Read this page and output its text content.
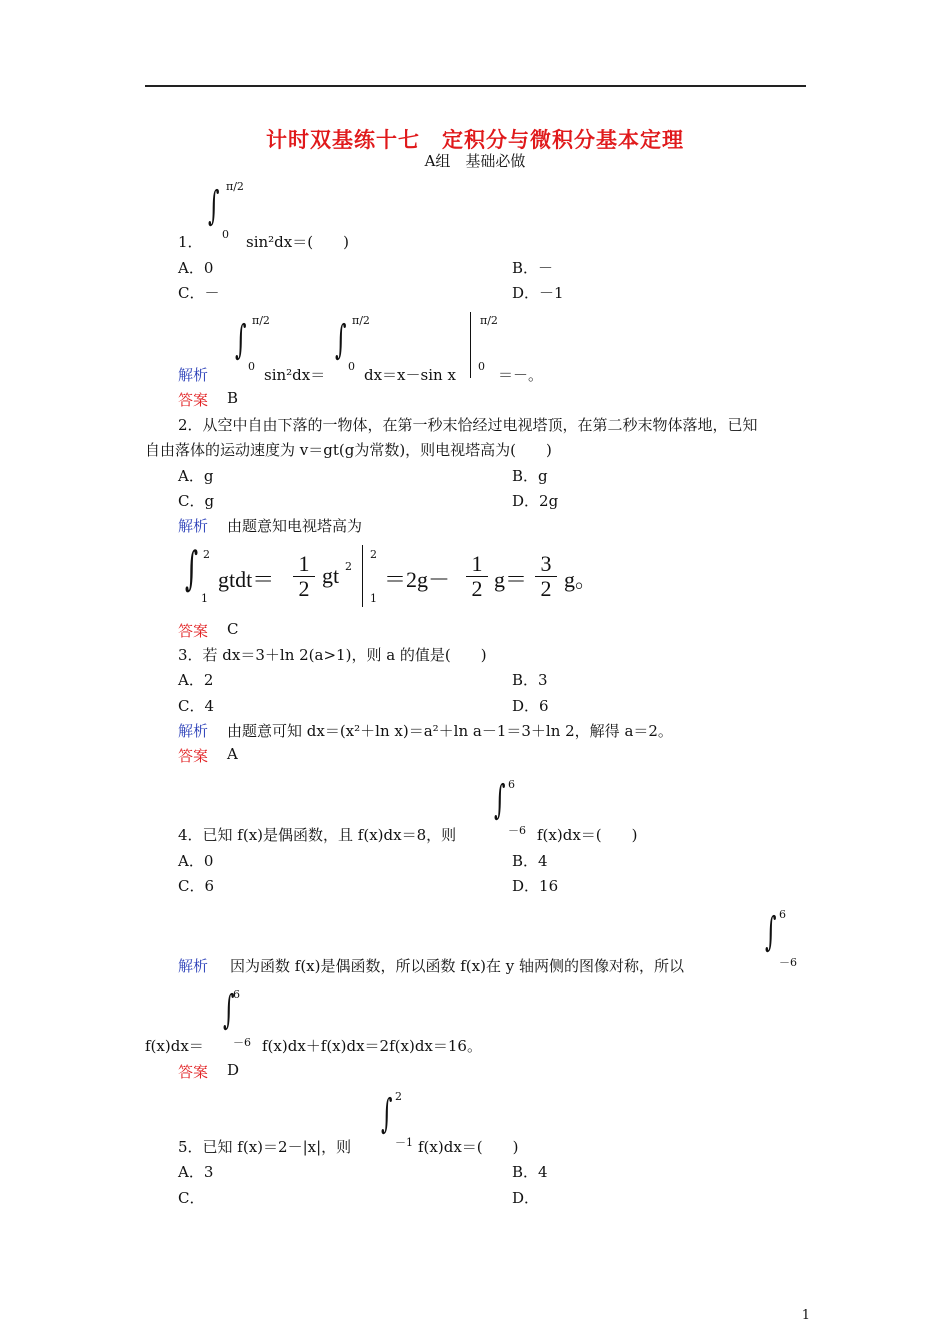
计时双基练十七　定积分与微积分基本定理
A组　基础必做
∫ π/2
0
1．	sin²dx＝(　　)
A．0	B．－
C．－	D．－1
解析
∫ π/2
0 sin²dx＝
∫ π/2
0 dx＝x－sin x
π/2
0 ＝－。
答案 B
2．从空中自由下落的一物体，在第一秒末恰经过电视塔顶，在第二秒末物体落地，已知
自由落体的运动速度为 v＝gt(g为常数)，则电视塔高为(　　)
A．g	B．g
C．g	D．2g
解析 由题意知电视塔高为
∫ 2
1
gtdt＝
1
2
gt 2
2
1
＝2g－
1
2 g＝
3
2 g。
答案 C
3．若 dx＝3＋ln 2(a>1)，则 a 的值是(　　)
A．2	B．3
C．4	D．6
解析 由题意可知 dx＝(x²＋ln x)＝a²＋ln a－1＝3＋ln 2，解得 a＝2。
答案 A
4．已知 f(x)是偶函数，且 f(x)dx＝8，则
∫ 6
－6 f(x)dx＝(　　)
A．0	B．4
C．6	D．16
解析 因为函数 f(x)是偶函数，所以函数 f(x)在 y 轴两侧的图像对称，所以
∫ 6
－6
f(x)dx＝
∫
6
－6 f(x)dx＋f(x)dx＝2f(x)dx＝16。
答案 D
5．已知 f(x)＝2－|x|，则
∫ 2
－1 f(x)dx＝(　　)
A．3	B．4
C．	D．
1
